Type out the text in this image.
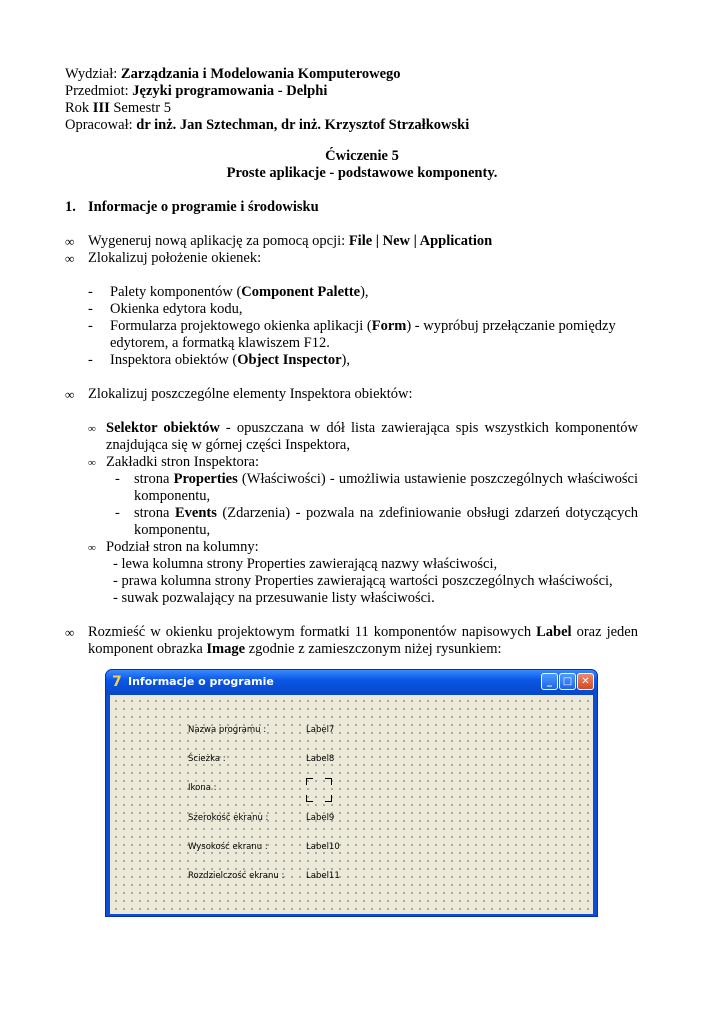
Wydział: Zarządzania i Modelowania Komputerowego
Przedmiot: Języki programowania - Delphi
Rok III Semestr 5
Opracował: dr inż. Jan Sztechman, dr inż. Krzysztof Strzałkowski
Ćwiczenie 5
Proste aplikacje - podstawowe komponenty.
1. Informacje o programie i środowisku
∞ Wygeneruj nową aplikację za pomocą opcji: File | New | Application
∞ Zlokalizuj położenie okienek:
- Palety komponentów (Component Palette),
- Okienka edytora kodu,
- Formularza projektowego okienka aplikacji (Form) - wypróbuj przełączanie pomiędzy
edytorem, a formatką klawiszem F12.
- Inspektora obiektów (Object Inspector),
∞ Zlokalizuj poszczególne elementy Inspektora obiektów:
∞ Selektor obiektów - opuszczana w dół lista zawierająca spis wszystkich komponentów znajdująca się w górnej części Inspektora,
∞ Zakładki stron Inspektora:
- strona Properties (Właściwości) - umożliwia ustawienie poszczególnych właściwości komponentu,
- strona Events (Zdarzenia) - pozwala na zdefiniowanie obsługi zdarzeń dotyczących komponentu,
∞ Podział stron na kolumny:
- lewa kolumna strony Properties zawierającą nazwy właściwości,
- prawa kolumna strony Properties zawierającą wartości poszczególnych właściwości,
- suwak pozwalający na przesuwanie listy właściwości.
∞ Rozmieść w okienku projektowym formatki 11 komponentów napisowych Label oraz jeden komponent obrazka Image zgodnie z zamieszczonym niżej rysunkiem:
7 Informacje o programie	_	□ ✕
Nazwa programu :
Ścieżka :
Ikona :
Szerokość ekranu :
Wysokość ekranu :
Rozdzielczość ekranu :
Label7
Label8
Label9
Label10
Label11
